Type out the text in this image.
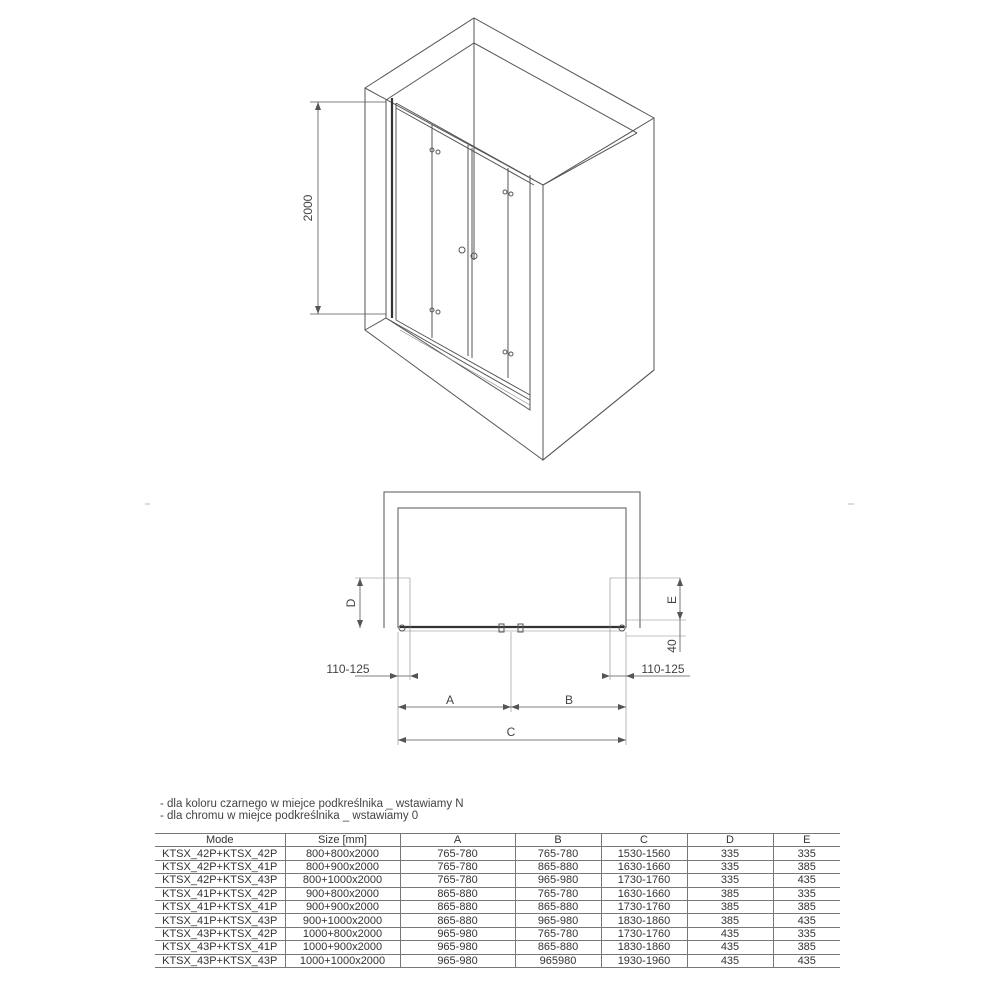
2000
D	E
40
110-125	110-125
A	B
C
- dla koloru czarnego w miejce podkreślnika _ wstawiamy N
- dla chromu w miejce podkreślnika _ wstawiamy 0
Mode	Size [mm]	A	B	C	D	E
KTSX_42P+KTSX_42P	800+800x2000	765-780	765-780	1530-1560	335	335
KTSX_42P+KTSX_41P	800+900x2000	765-780	865-880	1630-1660	335	385
KTSX_42P+KTSX_43P	800+1000x2000	765-780	965-980	1730-1760	335	435
KTSX_41P+KTSX_42P	900+800x2000	865-880	765-780	1630-1660	385	335
KTSX_41P+KTSX_41P	900+900x2000	865-880	865-880	1730-1760	385	385
KTSX_41P+KTSX_43P	900+1000x2000	865-880	965-980	1830-1860	385	435
KTSX_43P+KTSX_42P	1000+800x2000	965-980	765-780	1730-1760	435	335
KTSX_43P+KTSX_41P	1000+900x2000	965-980	865-880	1830-1860	435	385
KTSX_43P+KTSX_43P	1000+1000x2000	965-980	965980	1930-1960	435	435
